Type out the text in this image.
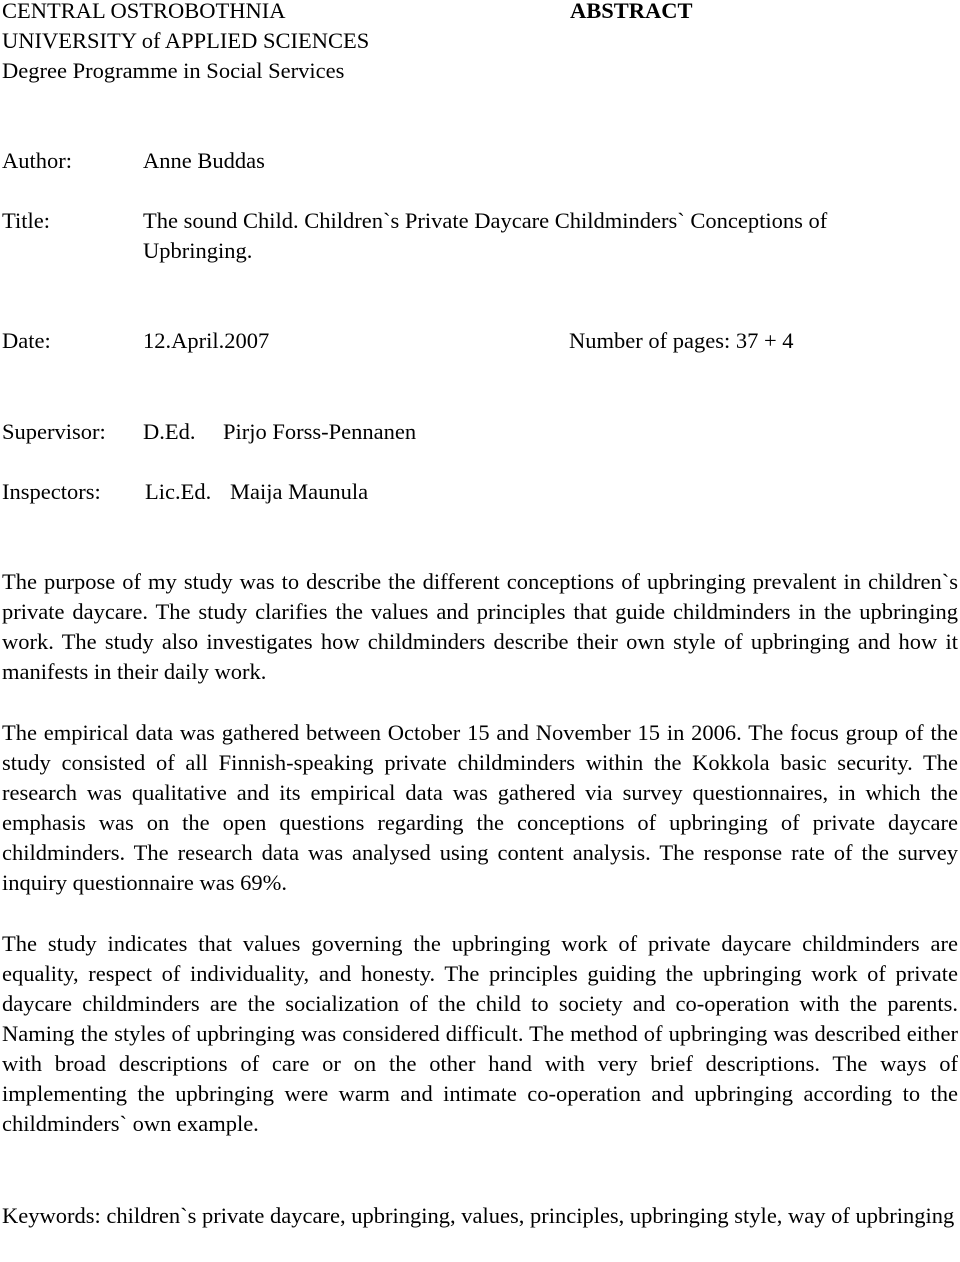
CENTRAL OSTROBOTHNIA
UNIVERSITY of APPLIED SCIENCES
Degree Programme in Social Services
ABSTRACT
Author:	Anne Buddas
Title:	The sound Child. Children`s Private Daycare Childminders` Conceptions of
Upbringing.
Date:	12.April.2007	Number of pages: 37 + 4
Supervisor: D.Ed. Pirjo Forss-Pennanen
Inspectors: Lic.Ed. Maija Maunula

The purpose of my study was to describe the different conceptions of upbringing prevalent in children`s private daycare. The study clarifies the values and principles that guide childminders in the upbringing work. The study also investigates how childminders describe their own style of upbringing and how it manifests in their daily work.

The empirical data was gathered between October 15 and November 15 in 2006. The focus group of the study consisted of all Finnish-speaking private childminders within the Kokkola basic security. The research was qualitative and its empirical data was gathered via survey questionnaires, in which the emphasis was on the open questions regarding the conceptions of upbringing of private daycare childminders. The research data was analysed using content analysis. The response rate of the survey inquiry questionnaire was 69%.

The study indicates that values governing the upbringing work of private daycare childminders are equality, respect of individuality, and honesty. The principles guiding the upbringing work of private daycare childminders are the socialization of the child to society and co-operation with the parents. Naming the styles of upbringing was considered difficult. The method of upbringing was described either with broad descriptions of care or on the other hand with very brief descriptions. The ways of implementing the upbringing were warm and intimate co-operation and upbringing according to the childminders` own example.

Keywords: children`s private daycare, upbringing, values, principles, upbringing style, way of upbringing
